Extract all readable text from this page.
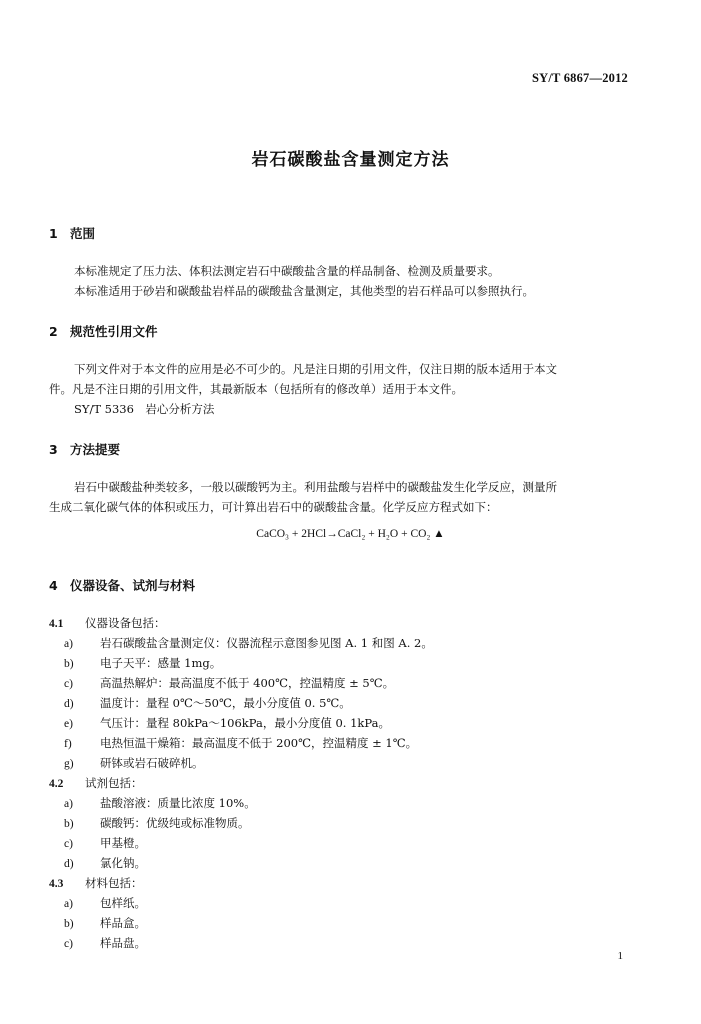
SY/T 6867—2012
岩石碳酸盐含量测定方法
1 范围
本标准规定了压力法、体积法测定岩石中碳酸盐含量的样品制备、检测及质量要求。
本标准适用于砂岩和碳酸盐岩样品的碳酸盐含量测定，其他类型的岩石样品可以参照执行。
2 规范性引用文件
下列文件对于本文件的应用是必不可少的。凡是注日期的引用文件，仅注日期的版本适用于本文
件。凡是不注日期的引用文件，其最新版本（包括所有的修改单）适用于本文件。
SY/T 5336　岩心分析方法
3 方法提要
岩石中碳酸盐种类较多，一般以碳酸钙为主。利用盐酸与岩样中的碳酸盐发生化学反应，测量所
生成二氧化碳气体的体积或压力，可计算出岩石中的碳酸盐含量。化学反应方程式如下：
CaCO₃ + 2HCl→CaCl₂ + H₂O + CO₂ ▲
4 仪器设备、试剂与材料
4.1 仪器设备包括：
a) 岩石碳酸盐含量测定仪：仪器流程示意图参见图 A. 1 和图 A. 2。
b) 电子天平：感量 1mg。
c) 高温热解炉：最高温度不低于 400℃，控温精度 ± 5℃。
d) 温度计：量程 0℃～50℃，最小分度值 0. 5℃。
e) 气压计：量程 80kPa～106kPa，最小分度值 0. 1kPa。
f) 电热恒温干燥箱：最高温度不低于 200℃，控温精度 ± 1℃。
g) 研钵或岩石破碎机。
4.2 试剂包括：
a) 盐酸溶液：质量比浓度 10%。
b) 碳酸钙：优级纯或标准物质。
c) 甲基橙。
d) 氯化钠。
4.3 材料包括：
a) 包样纸。
b) 样品盒。
c) 样品盘。
1
